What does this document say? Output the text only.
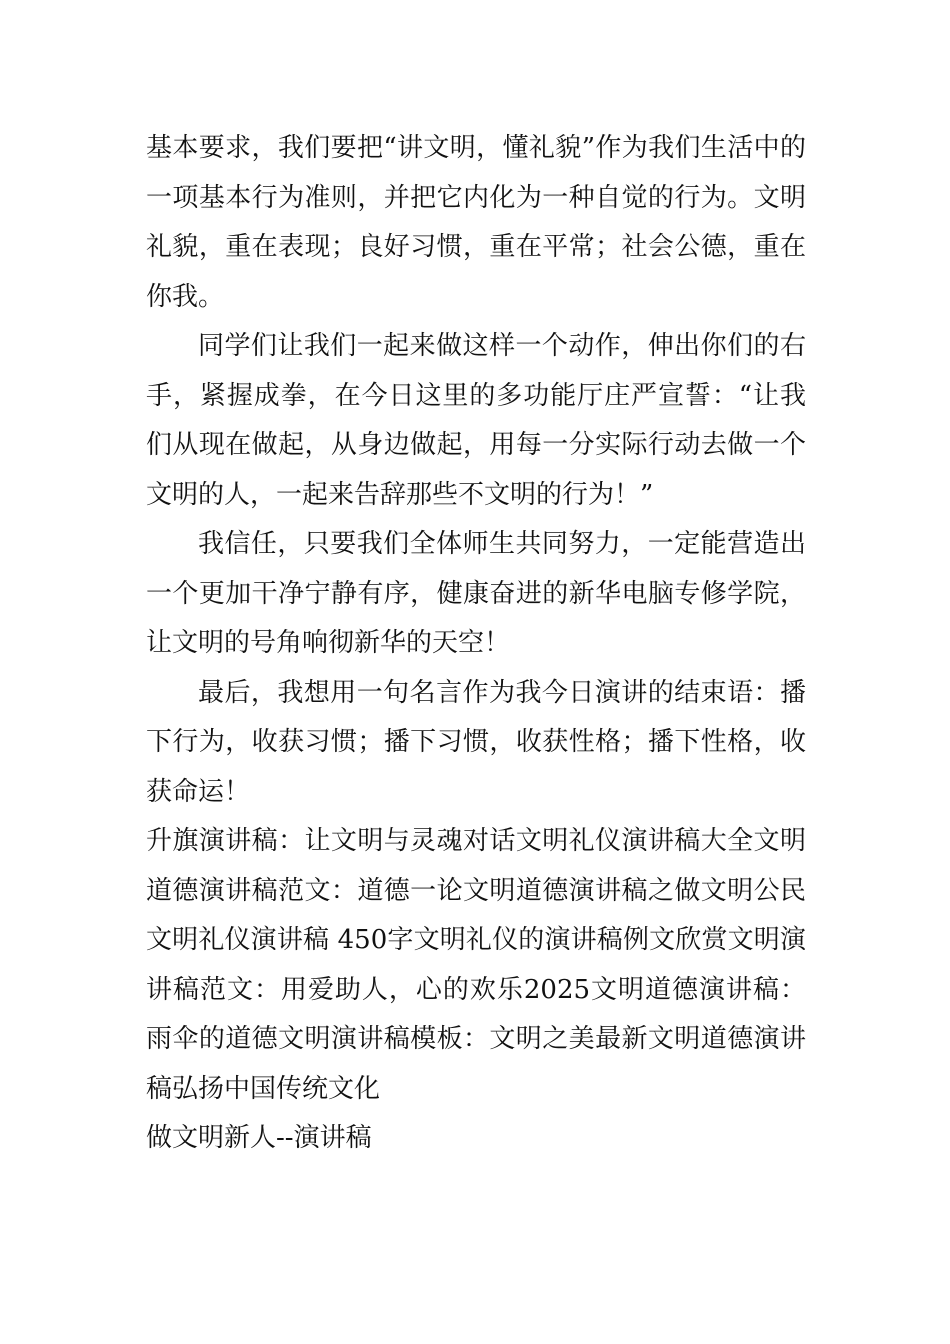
基本要求，我们要把“讲文明，懂礼貌”作为我们生活中的一项基本行为准则，并把它内化为一种自觉的行为。文明礼貌，重在表现；良好习惯，重在平常；社会公德，重在你我。

同学们让我们一起来做这样一个动作，伸出你们的右手，紧握成拳，在今日这里的多功能厅庄严宣誓：“让我们从现在做起，从身边做起，用每一分实际行动去做一个文明的人，一起来告辞那些不文明的行为！”

我信任，只要我们全体师生共同努力，一定能营造出一个更加干净宁静有序，健康奋进的新华电脑专修学院，让文明的号角响彻新华的天空！

最后，我想用一句名言作为我今日演讲的结束语：播下行为，收获习惯；播下习惯，收获性格；播下性格，收获命运！

升旗演讲稿：让文明与灵魂对话文明礼仪演讲稿大全文明道德演讲稿范文：道德一论文明道德演讲稿之做文明公民文明礼仪演讲稿 450字文明礼仪的演讲稿例文欣赏文明演讲稿范文：用爱助人，心的欢乐2025文明道德演讲稿：雨伞的道德文明演讲稿模板：文明之美最新文明道德演讲稿弘扬中国传统文化

做文明新人--演讲稿
